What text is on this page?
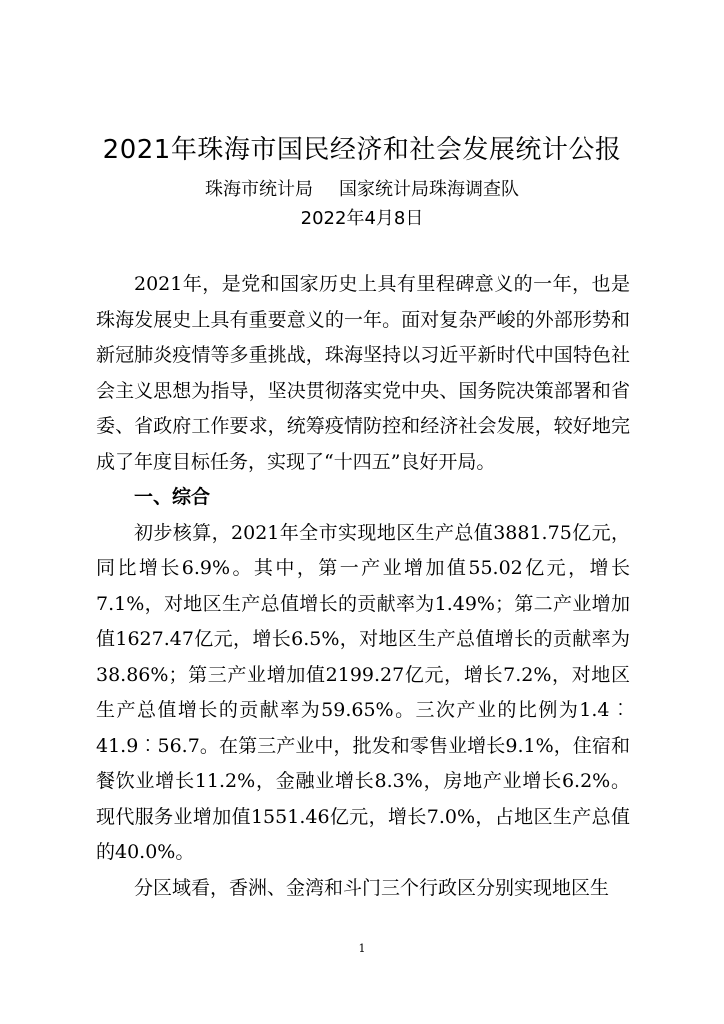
2021年珠海市国民经济和社会发展统计公报
珠海市统计局 国家统计局珠海调查队
2022年4月8日

2021年，是党和国家历史上具有里程碑意义的一年，也是珠海发展史上具有重要意义的一年。面对复杂严峻的外部形势和新冠肺炎疫情等多重挑战，珠海坚持以习近平新时代中国特色社会主义思想为指导，坚决贯彻落实党中央、国务院决策部署和省委、省政府工作要求，统筹疫情防控和经济社会发展，较好地完成了年度目标任务，实现了“十四五”良好开局。

一、综合

初步核算，2021年全市实现地区生产总值3881.75亿元，同比增长6.9%。其中，第一产业增加值55.02亿元，增长7.1%，对地区生产总值增长的贡献率为1.49%；第二产业增加值1627.47亿元，增长6.5%，对地区生产总值增长的贡献率为38.86%；第三产业增加值2199.27亿元，增长7.2%，对地区生产总值增长的贡献率为59.65%。三次产业的比例为1.4︰41.9︰56.7。在第三产业中，批发和零售业增长9.1%，住宿和餐饮业增长11.2%，金融业增长8.3%，房地产业增长6.2%。现代服务业增加值1551.46亿元，增长7.0%，占地区生产总值的40.0%。

分区域看，香洲、金湾和斗门三个行政区分别实现地区生

1
